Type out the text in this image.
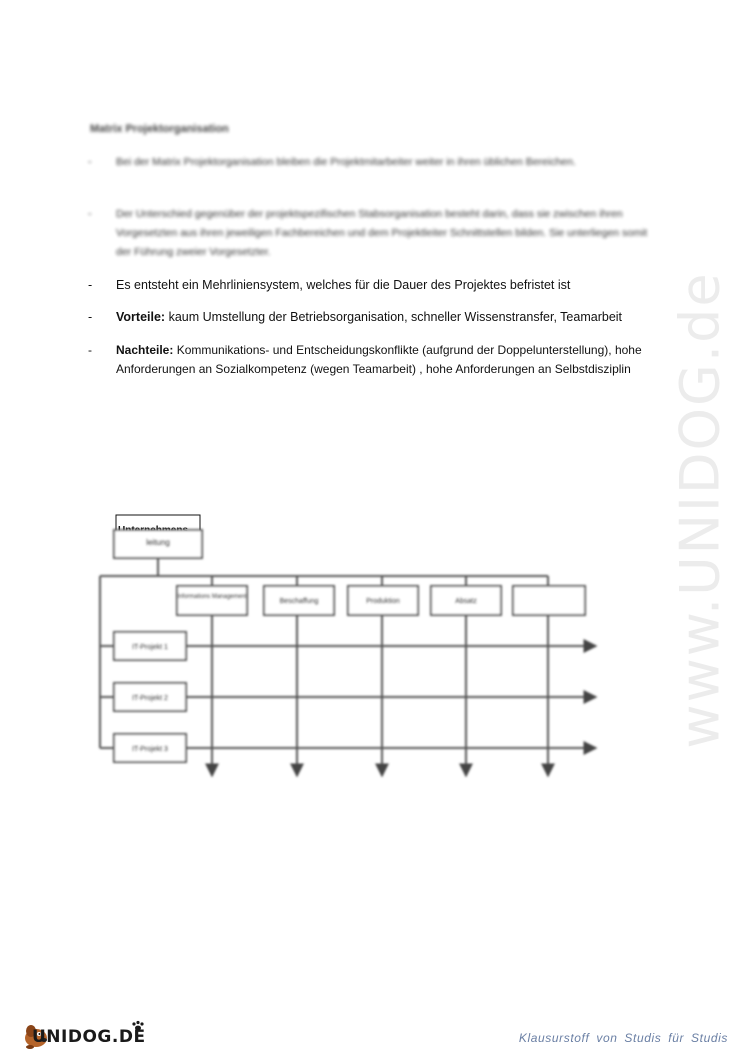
www.UNIDOG.de
Matrix Projektorganisation
- Bei der Matrix Projektorganisation bleiben die Projektmitarbeiter weiter in ihren üblichen Bereichen.
- Der Unterschied gegenüber der projektspezifischen Stabsorganisation besteht darin, dass sie zwischen ihren Vorgesetzten aus ihren jeweiligen Fachbereichen und dem Projektleiter Schnittstellen bilden. Sie unterliegen somit der Führung zweier Vorgesetzter.
- Es entsteht ein Mehrliniensystem, welches für die Dauer des Projektes befristet ist
- Vorteile: kaum Umstellung der Betriebsorganisation, schneller Wissenstransfer, Teamarbeit
- Nachteile: Kommunikations- und Entscheidungskonflikte (aufgrund der Doppelunterstellung), hohe Anforderungen an Sozialkompetenz (wegen Teamarbeit) , hohe Anforderungen an Selbstdisziplin
leitung
Informations Management
Beschaffung	Produktion	Absatz
IT-Projekt 1
IT-Projekt 2
IT-Projekt 3
UNIDOG.DE	Klausurstoff von Studis für Studis
